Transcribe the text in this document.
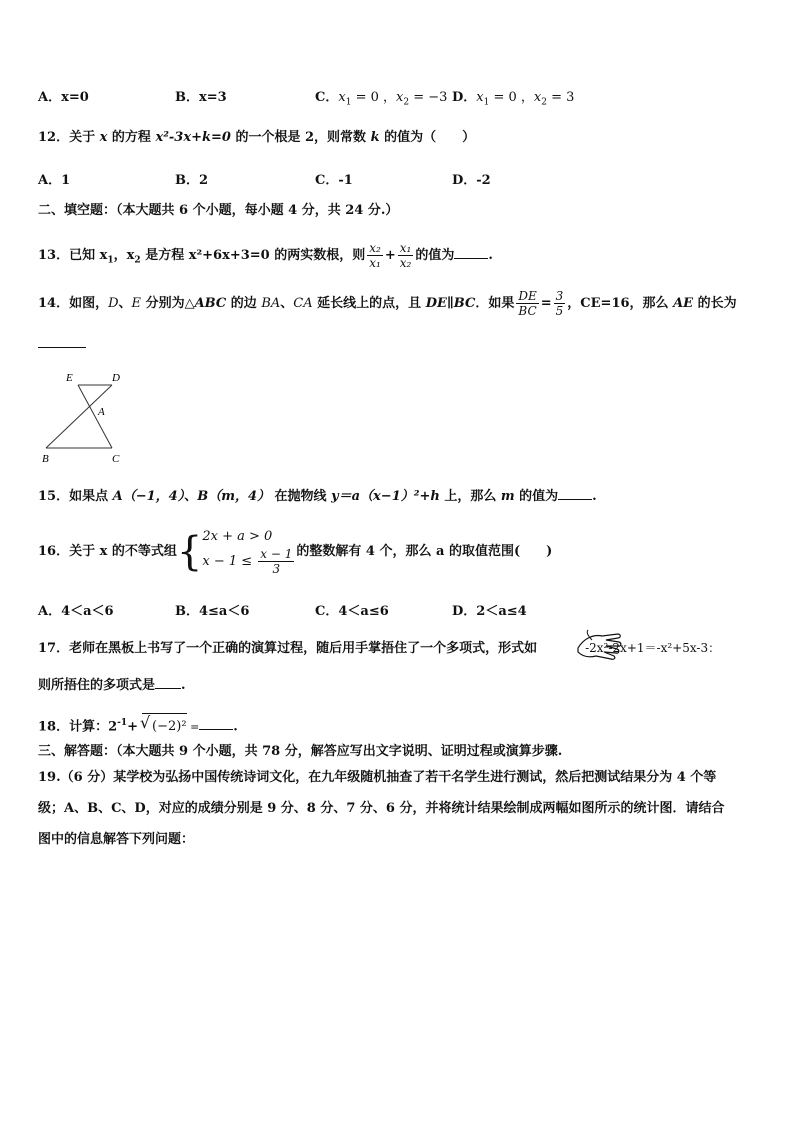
A．x=0	B．x=3	C．$x_1 = 0$ ，$x_2 = -3$ D．$x_1 = 0$ ，$x_2 = 3$
12．关于 x 的方程 x²-3x+k=0 的一个根是 2，则常数 k 的值为（　　）
A．1	B．2	C．-1	D．-2
二、填空题：（本大题共 6 个小题，每小题 4 分，共 24 分.）
13．已知 $x_1$，$x_2$ 是方程 x²+6x+3=0 的两实数根，则 $\frac{\text{x₂}}{\text{x₁}} + \frac{\text{x₁}}{\text{x₂}}$ 的值为	.
14．如图，D、E 分别为△ABC 的边 BA、CA 延长线上的点，且 DE∥BC．如果 $\frac{DE}{BC} = \frac{3}{5}$ ，CE=16，那么 AE 的长为
E	D
A
B	C
15．如果点 A（−1，4）、B（m，4） 在抛物线 y＝a（x−1）²+h 上，那么 m 的值为	.
16．关于 x 的不等式组{ 2x + a > 0
$x - 1 \le \frac{x - 1}{3}$ 的整数解有 4 个，那么 a 的取值范围(　　)
A．4＜a＜6	B．4≤a＜6	C．4＜a≤6	D．2＜a≤4
17．老师在黑板上书写了一个正确的演算过程，随后用手掌捂住了一个多项式，形式如	-2x²-2x+1＝-x²+5x-3：
则所捂住的多项式是 .
18．计算：$2^{-1}+√$ (−2)² =	.
三、解答题：（本大题共 9 个小题，共 78 分，解答应写出文字说明、证明过程或演算步骤.
19.（6 分）某学校为弘扬中国传统诗词文化，在九年级随机抽查了若干名学生进行测试，然后把测试结果分为 4 个等
级；A、B、C、D，对应的成绩分别是 9 分、8 分、7 分、6 分，并将统计结果绘制成两幅如图所示的统计图．请结合
图中的信息解答下列问题：
